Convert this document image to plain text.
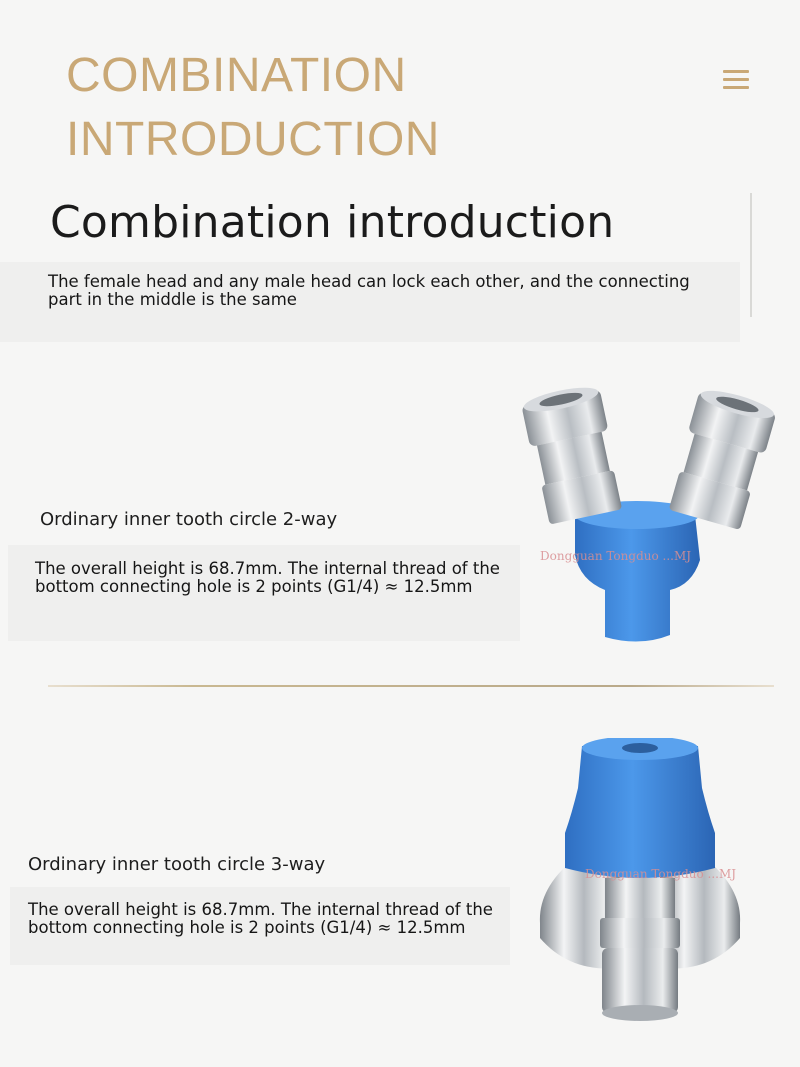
COMBINATION
INTRODUCTION
Combination introduction
The female head and any male head can lock each other, and the connecting part in the middle is the same
Ordinary inner tooth circle 2-way
The overall height is 68.7mm. The internal thread of the bottom connecting hole is 2 points (G1/4) ≈ 12.5mm
Dongguan Tongduo ...MJ
Ordinary inner tooth circle 3-way
The overall height is 68.7mm. The internal thread of the bottom connecting hole is 2 points (G1/4) ≈ 12.5mm
Dongguan Tongduo ...MJ
